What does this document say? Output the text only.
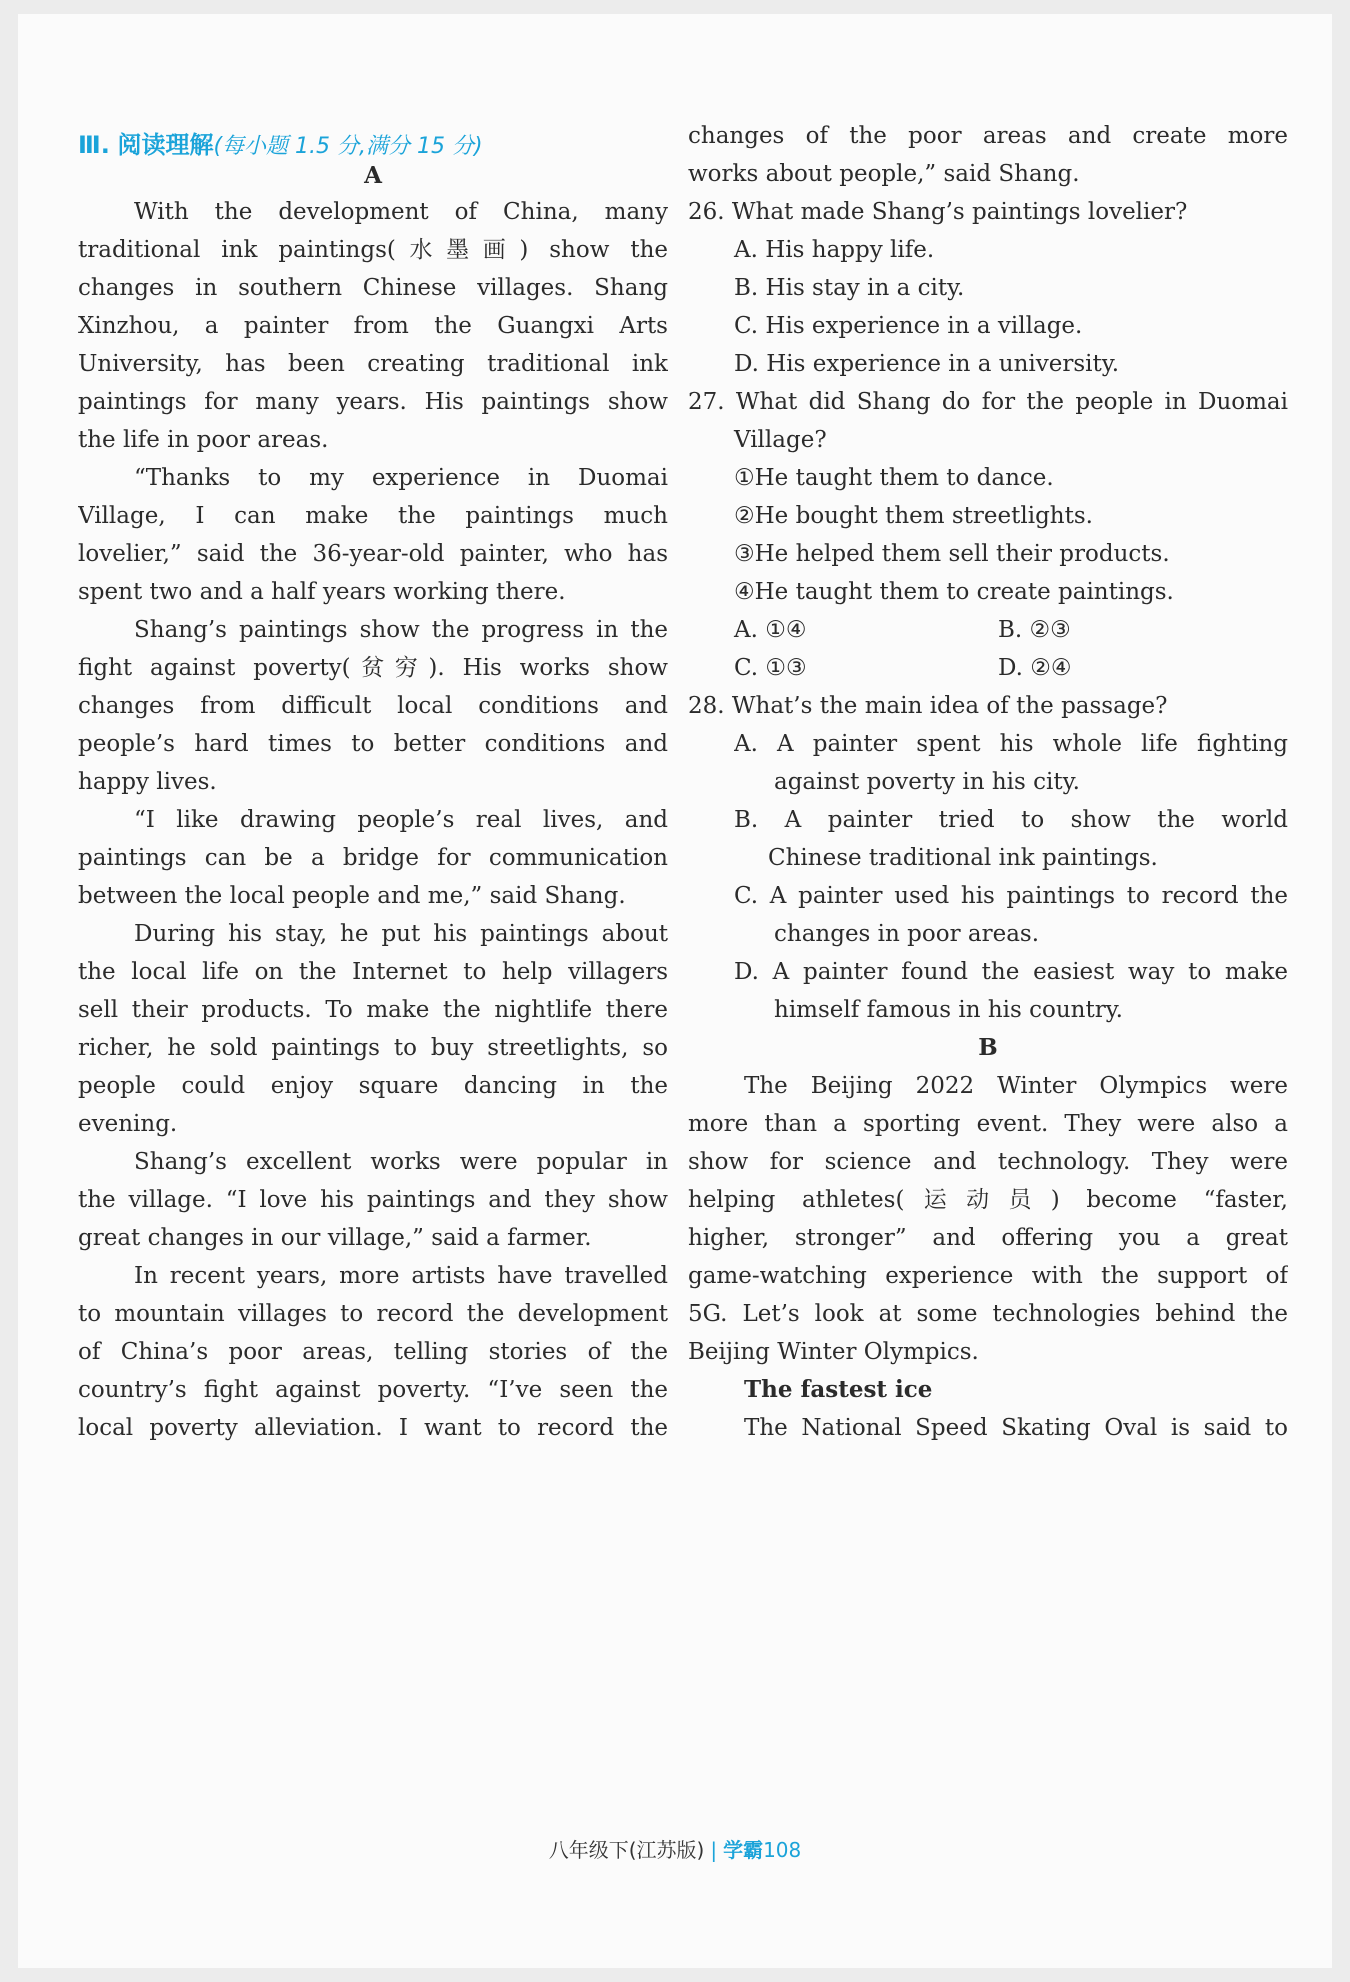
Ⅲ. 阅读理解(每小题 1.5 分,满分 15 分)
A
With the development of China, many
traditional ink paintings(水墨画) show the
changes in southern Chinese villages. Shang
Xinzhou, a painter from the Guangxi Arts
University, has been creating traditional ink
paintings for many years. His paintings show
the life in poor areas.
“Thanks to my experience in Duomai
Village, I can make the paintings much
lovelier,” said the 36-year-old painter, who has
spent two and a half years working there.
Shang’s paintings show the progress in the
fight against poverty(贫穷). His works show
changes from difficult local conditions and
people’s hard times to better conditions and
happy lives.
“I like drawing people’s real lives, and
paintings can be a bridge for communication
between the local people and me,” said Shang.
During his stay, he put his paintings about
the local life on the Internet to help villagers
sell their products. To make the nightlife there
richer, he sold paintings to buy streetlights, so
people could enjoy square dancing in the
evening.
Shang’s excellent works were popular in
the village. “I love his paintings and they show
great changes in our village,” said a farmer.
In recent years, more artists have travelled
to mountain villages to record the development
of China’s poor areas, telling stories of the
country’s fight against poverty. “I’ve seen the
local poverty alleviation. I want to record the
changes of the poor areas and create more
works about people,” said Shang.
26. What made Shang’s paintings lovelier?
A. His happy life.
B. His stay in a city.
C. His experience in a village.
D. His experience in a university.
27. What did Shang do for the people in Duomai
Village?
①He taught them to dance.
②He bought them streetlights.
③He helped them sell their products.
④He taught them to create paintings.
A. ①④	B. ②③
C. ①③	D. ②④
28. What’s the main idea of the passage?
A. A painter spent his whole life fighting
against poverty in his city.
B. A painter tried to show the world
Chinese traditional ink paintings.
C. A painter used his paintings to record the
changes in poor areas.
D. A painter found the easiest way to make
himself famous in his country.
B
The Beijing 2022 Winter Olympics were
more than a sporting event. They were also a
show for science and technology. They were
helping athletes(运动员) become “faster,
higher, stronger” and offering you a great
game-watching experience with the support of
5G. Let’s look at some technologies behind the
Beijing Winter Olympics.
The fastest ice
The National Speed Skating Oval is said to
八年级下(江苏版) | 学霸108
